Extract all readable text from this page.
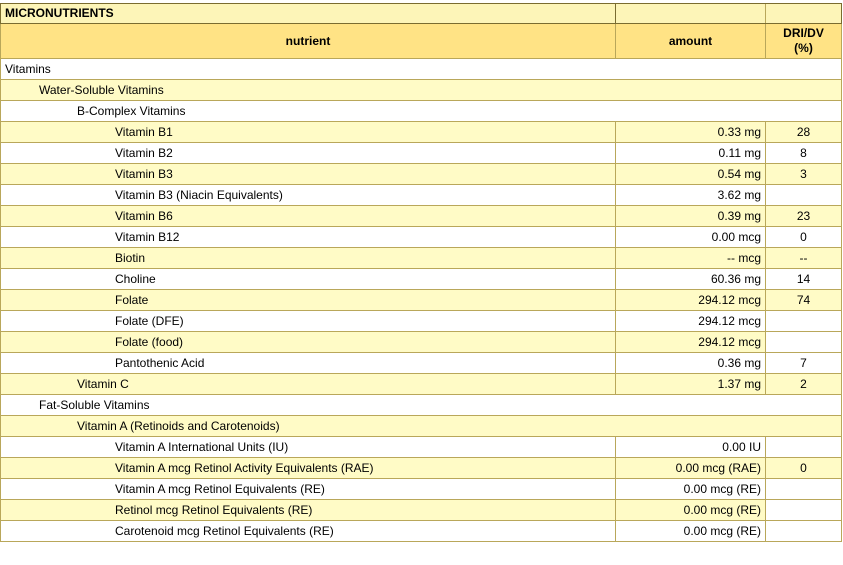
MICRONUTRIENTS		
nutrient	amount	DRI/DV
(%)
Vitamins		
Water-Soluble Vitamins		
B-Complex Vitamins		
Vitamin B1	0.33 mg	28
Vitamin B2	0.11 mg	8
Vitamin B3	0.54 mg	3
Vitamin B3 (Niacin Equivalents)	3.62 mg	
Vitamin B6	0.39 mg	23
Vitamin B12	0.00 mcg	0
Biotin	-- mcg	--
Choline	60.36 mg	14
Folate	294.12 mcg	74
Folate (DFE)	294.12 mcg	
Folate (food)	294.12 mcg	
Pantothenic Acid	0.36 mg	7
Vitamin C	1.37 mg	2
Fat-Soluble Vitamins		
Vitamin A (Retinoids and Carotenoids)		
Vitamin A International Units (IU)	0.00 IU	
Vitamin A mcg Retinol Activity Equivalents (RAE)	0.00 mcg (RAE)	0
Vitamin A mcg Retinol Equivalents (RE)	0.00 mcg (RE)	
Retinol mcg Retinol Equivalents (RE)	0.00 mcg (RE)	
Carotenoid mcg Retinol Equivalents (RE)	0.00 mcg (RE)	
